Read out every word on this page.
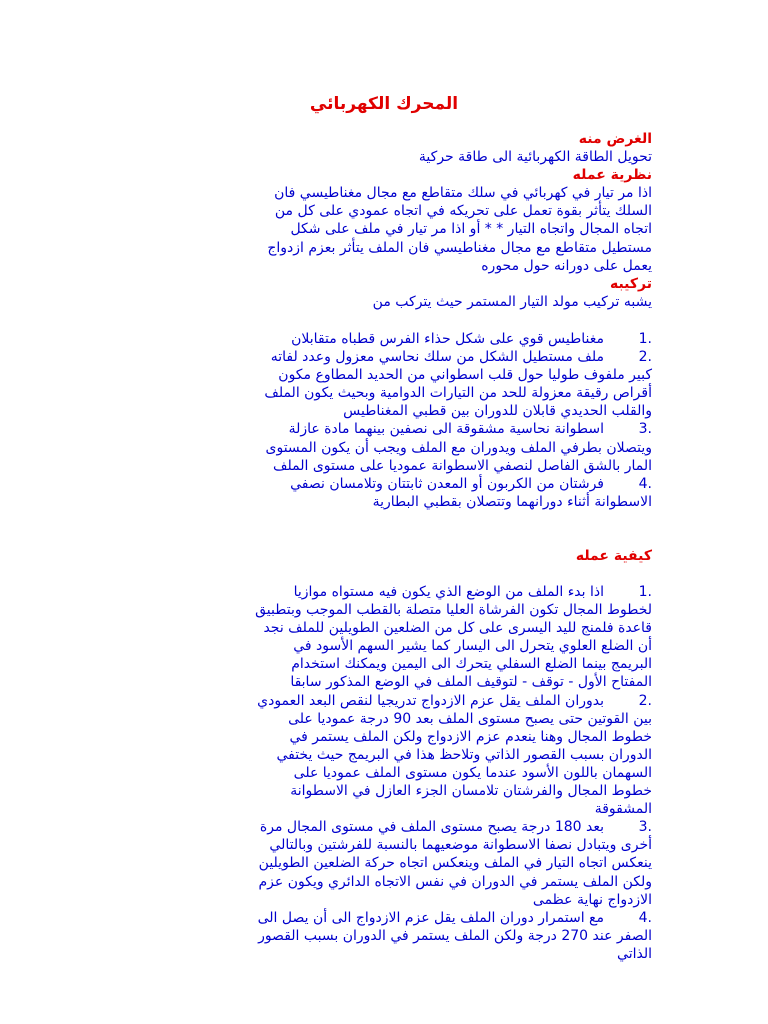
المحرك الكهربائي
الغرض منه
تحويل الطاقة الكهربائية الى طاقة حركية
نظرية عمله
اذا مر تيار في كهربائي في سلك متقاطع مع مجال مغناطيسي فان
السلك يتأثر بقوة تعمل على تحريكه في اتجاه عمودي على كل من
اتجاه المجال واتجاه التيار * * أو اذا مر تيار في ملف على شكل
مستطيل متقاطع مع مجال مغناطيسي فان الملف يتأثر بعزم ازدواج
يعمل على دورانه حول محوره
تركيبه
يشبه تركيب مولد التيار المستمر حيث يتركب من
1.
مغناطيس قوي على شكل حذاء الفرس قطباه متقابلان
2.
ملف مستطيل الشكل من سلك نحاسي معزول وعدد لفاته
كبير ملفوف طوليا حول قلب اسطواني من الحديد المطاوع مكون
أقراص رقيقة معزولة للحد من التيارات الدوامية وبحيث يكون الملف
والقلب الحديدي قابلان للدوران بين قطبي المغناطيس
3.
اسطوانة نحاسية مشقوقة الى نصفين بينهما مادة عازلة
ويتصلان بطرفي الملف ويدوران مع الملف ويجب أن يكون المستوى
المار بالشق الفاصل لنصفي الاسطوانة عموديا على مستوى الملف
4.
فرشتان من الكربون أو المعدن ثابتتان وتلامسان نصفي
الاسطوانة أثناء دورانهما وتتصلان بقطبي البطارية
كيفية عمله
1.
اذا بدء الملف من الوضع الذي يكون فيه مستواه موازيا
لخطوط المجال تكون الفرشاة العليا متصلة بالقطب الموجب وبتطبيق
قاعدة فلمنج لليد اليسرى على كل من الضلعين الطويلين للملف نجد
أن الضلع العلوي يتحرل الى اليسار كما يشير السهم الأسود في
البريمج بينما الضلع السفلي يتحرك الى اليمين ويمكنك استخدام
المفتاح الأول - توقف - لتوقيف الملف في الوضع المذكور سابقا
2.
بدوران الملف يقل عزم الازدواج تدريجيا لنقص البعد العمودي
بين القوتين حتى يصبح مستوى الملف بعد 90 درجة عموديا على
خطوط المجال وهنا ينعدم عزم الازدواج ولكن الملف يستمر في
الدوران بسبب القصور الذاتي وتلاحظ هذا في البريمج حيث يختفي
السهمان باللون الأسود عندما يكون مستوى الملف عموديا على
خطوط المجال والفرشتان تلامسان الجزء العازل في الاسطوانة
المشقوقة
3.
بعد 180 درجة يصبح مستوى الملف في مستوى المجال مرة
أخرى ويتبادل نصفا الاسطوانة موضعيهما بالنسبة للفرشتين وبالتالي
ينعكس اتجاه التيار في الملف وينعكس اتجاه حركة الضلعين الطويلين
ولكن الملف يستمر في الدوران في نفس الاتجاه الدائري ويكون عزم
الازدواج نهاية عظمى
4.
مع استمرار دوران الملف يقل عزم الازدواج الى أن يصل الى
الصفر عند 270 درجة ولكن الملف يستمر في الدوران بسبب القصور
الذاتي
